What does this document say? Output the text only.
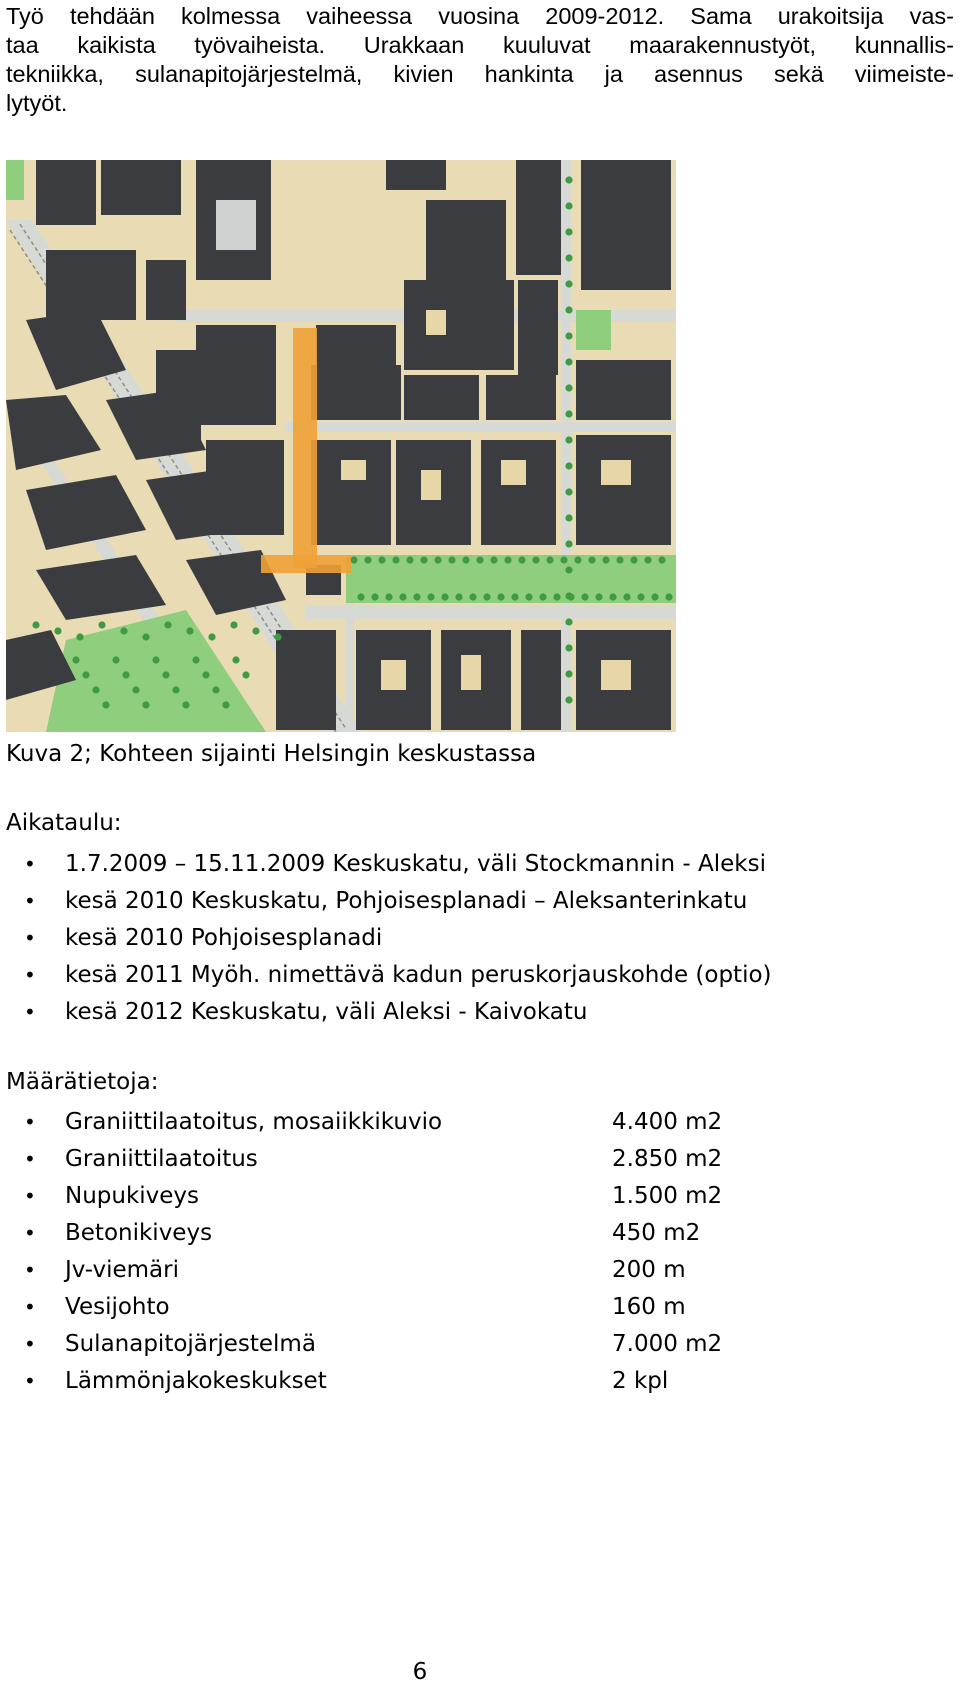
Työ tehdään kolmessa vaiheessa vuosina 2009-2012. Sama urakoitsija vas-
taa kaikista työvaiheista. Urakkaan kuuluvat maarakennustyöt, kunnallis-
tekniikka, sulanapitojärjestelmä, kivien hankinta ja asennus sekä viimeiste-
lytyöt.

Kuva 2; Kohteen sijainti Helsingin keskustassa
Aikataulu:
• 1.7.2009 – 15.11.2009 Keskuskatu, väli Stockmannin - Aleksi
• kesä 2010 Keskuskatu, Pohjoisesplanadi – Aleksanterinkatu
• kesä 2010 Pohjoisesplanadi
• kesä 2011 Myöh. nimettävä kadun peruskorjauskohde (optio)
• kesä 2012 Keskuskatu, väli Aleksi - Kaivokatu
Määrätietoja:
• Graniittilaatoitus, mosaiikkikuvio	4.400 m2
• Graniittilaatoitus	2.850 m2
• Nupukiveys	1.500 m2
• Betonikiveys	450 m2
• Jv-viemäri	200 m
• Vesijohto	160 m
• Sulanapitojärjestelmä	7.000 m2
• Lämmönjakokeskukset	2 kpl
6
